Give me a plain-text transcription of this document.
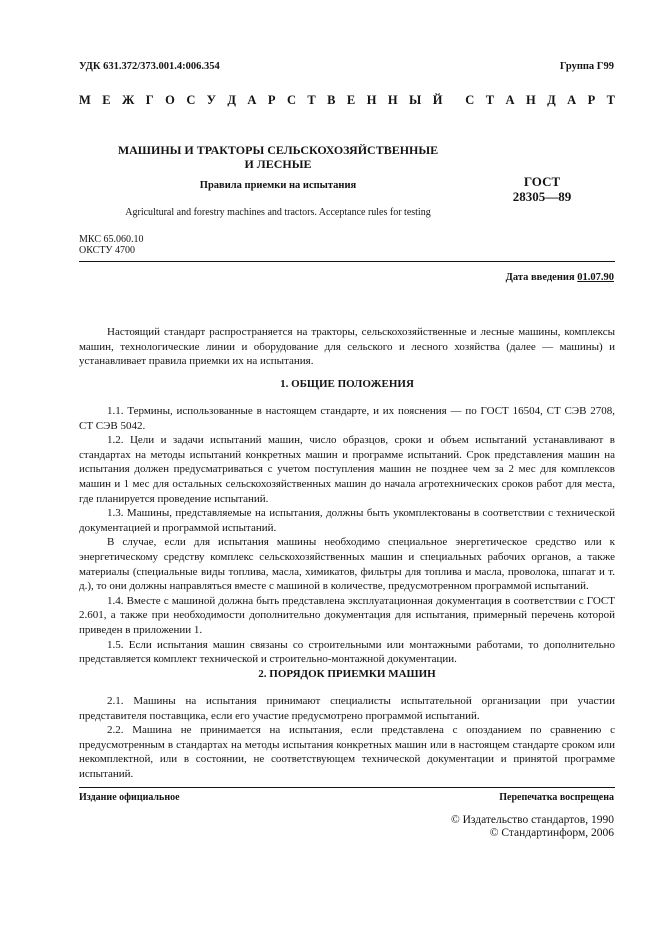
УДК 631.372/373.001.4:006.354	Группа Г99
М Е Ж Г О С У Д А Р С Т В Е Н Н Ы Й С Т А Н Д А Р Т
МАШИНЫ И ТРАКТОРЫ СЕЛЬСКОХОЗЯЙСТВЕННЫЕ
И ЛЕСНЫЕ
Правила приемки на испытания
Agricultural and forestry machines and tractors. Acceptance rules for testing
ГОСТ
28305—89
МКС 65.060.10
ОКСТУ 4700
Дата введения 01.07.90

Настоящий стандарт распространяется на тракторы, сельскохозяйственные и лесные машины, комплексы машин, технологические линии и оборудование для сельского и лесного хозяйства (далее — машины) и устанавливает правила приемки их на испытания.

1. ОБЩИЕ ПОЛОЖЕНИЯ

1.1. Термины, использованные в настоящем стандарте, и их пояснения — по ГОСТ 16504, СТ СЭВ 2708, СТ СЭВ 5042.

1.2. Цели и задачи испытаний машин, число образцов, сроки и объем испытаний устанавливают в стандартах на методы испытаний конкретных машин и программе испытаний. Срок представления машин на испытания должен предусматриваться с учетом поступления машин не позднее чем за 2 мес для комплексов машин и 1 мес для остальных сельскохозяйственных машин до начала агротехнических сроков работ для места, где планируется проведение испытаний.

1.3. Машины, представляемые на испытания, должны быть укомплектованы в соответствии с технической документацией и программой испытаний.

В случае, если для испытания машины необходимо специальное энергетическое средство или к энергетическому средству комплекс сельскохозяйственных машин и специальных рабочих органов, а также материалы (специальные виды топлива, масла, химикатов, фильтры для топлива и масла, проволока, шпагат и т. д.), то они должны направляться вместе с машиной в количестве, предусмотренном программой испытаний.

1.4. Вместе с машиной должна быть представлена эксплуатационная документация в соответствии с ГОСТ 2.601, а также при необходимости дополнительно документация для испытания, примерный перечень которой приведен в приложении 1.

1.5. Если испытания машин связаны со строительными или монтажными работами, то дополнительно представляется комплект технической и строительно-монтажной документации.

2. ПОРЯДОК ПРИЕМКИ МАШИН

2.1. Машины на испытания принимают специалисты испытательной организации при участии представителя поставщика, если его участие предусмотрено программой испытаний.

2.2. Машина не принимается на испытания, если представлена с опозданием по сравнению с предусмотренным в стандартах на методы испытания конкретных машин или в настоящем стандарте сроком или некомплектной, или в состоянии, не соответствующем технической документации и принятой программе испытаний.

Издание официальное	Перепечатка воспрещена
© Издательство стандартов, 1990
© Стандартинформ, 2006
